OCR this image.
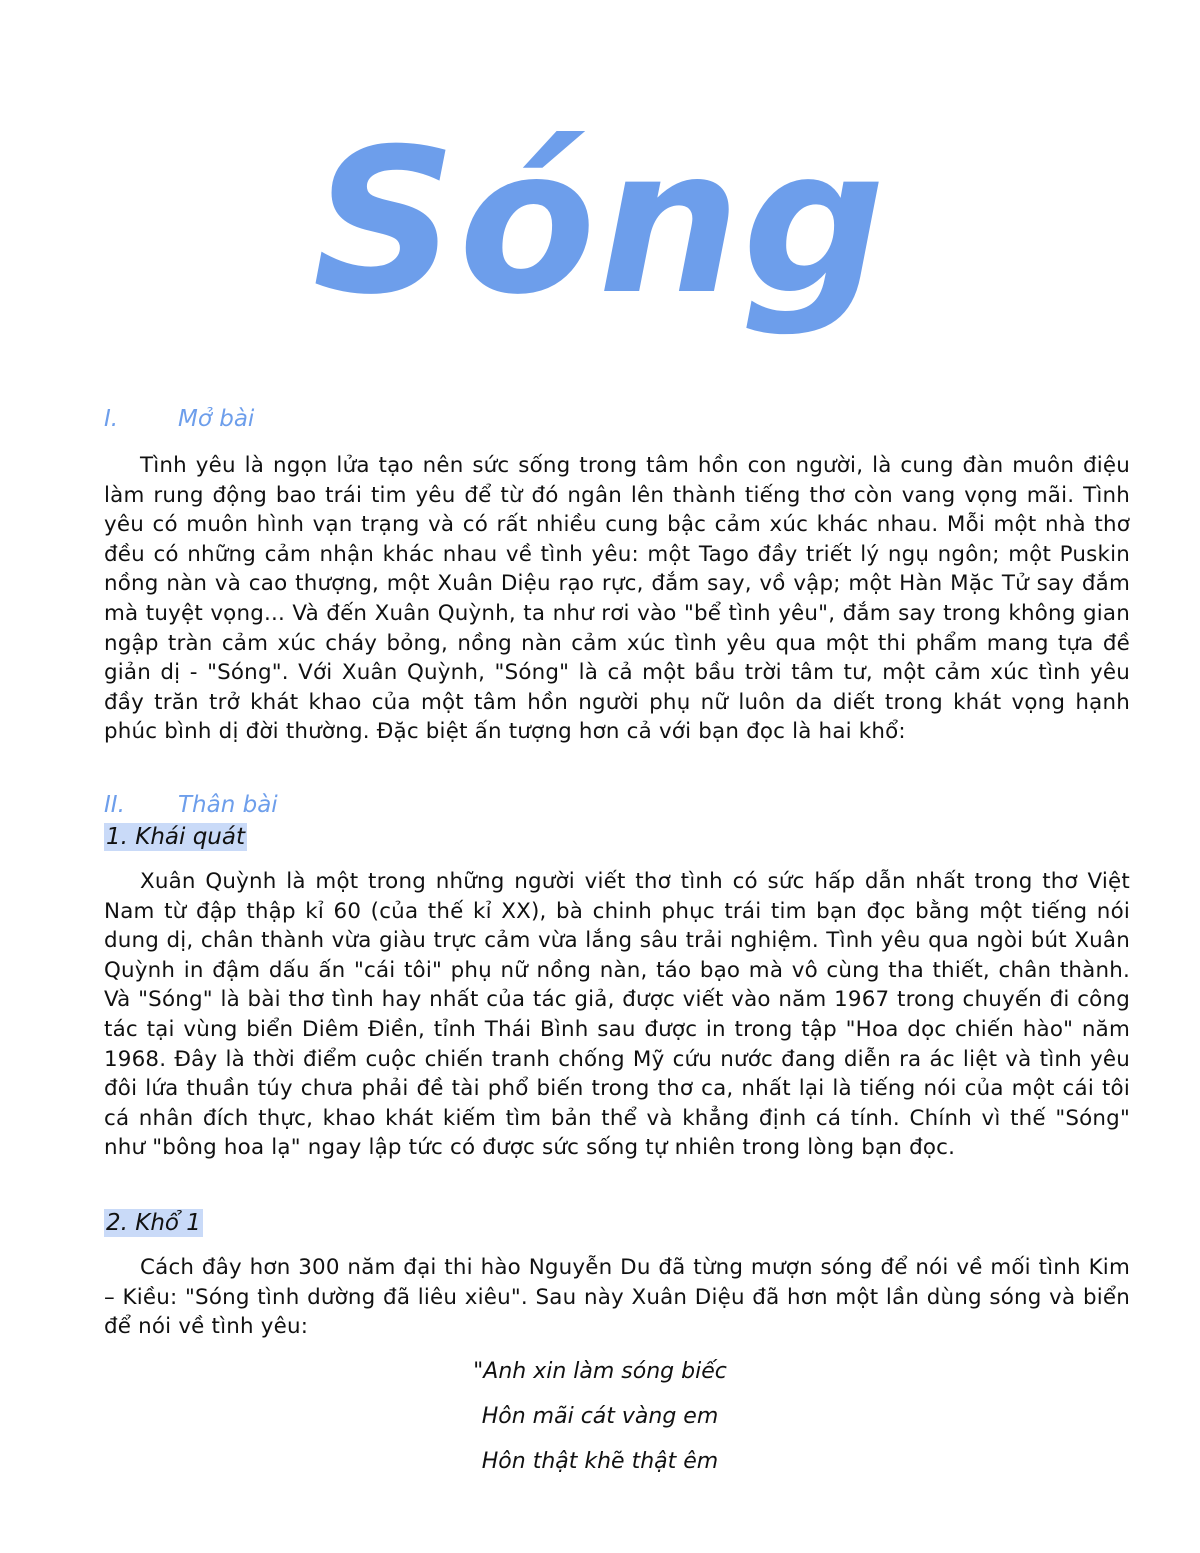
Sóng
I.	Mở bài

Tình yêu là ngọn lửa tạo nên sức sống trong tâm hồn con người, là cung đàn muôn điệu làm rung động bao trái tim yêu để từ đó ngân lên thành tiếng thơ còn vang vọng mãi. Tình yêu có muôn hình vạn trạng và có rất nhiều cung bậc cảm xúc khác nhau. Mỗi một nhà thơ đều có những cảm nhận khác nhau về tình yêu: một Tago đầy triết lý ngụ ngôn; một Puskin nồng nàn và cao thượng, một Xuân Diệu rạo rực, đắm say, vồ vập; một Hàn Mặc Tử say đắm mà tuyệt vọng... Và đến Xuân Quỳnh, ta như rơi vào "bể tình yêu", đắm say trong không gian ngập tràn cảm xúc cháy bỏng, nồng nàn cảm xúc tình yêu qua một thi phẩm mang tựa đề giản dị - "Sóng". Với Xuân Quỳnh, "Sóng" là cả một bầu trời tâm tư, một cảm xúc tình yêu đầy trăn trở khát khao của một tâm hồn người phụ nữ luôn da diết trong khát vọng hạnh phúc bình dị đời thường. Đặc biệt ấn tượng hơn cả với bạn đọc là hai khổ:

II. Thân bài
1. Khái quát

Xuân Quỳnh là một trong những người viết thơ tình có sức hấp dẫn nhất trong thơ Việt Nam từ đập thập kỉ 60 (của thế kỉ XX), bà chinh phục trái tim bạn đọc bằng một tiếng nói dung dị, chân thành vừa giàu trực cảm vừa lắng sâu trải nghiệm. Tình yêu qua ngòi bút Xuân Quỳnh in đậm dấu ấn "cái tôi" phụ nữ nồng nàn, táo bạo mà vô cùng tha thiết, chân thành. Và "Sóng" là bài thơ tình hay nhất của tác giả, được viết vào năm 1967 trong chuyến đi công tác tại vùng biển Diêm Điền, tỉnh Thái Bình sau được in trong tập "Hoa dọc chiến hào" năm 1968. Đây là thời điểm cuộc chiến tranh chống Mỹ cứu nước đang diễn ra ác liệt và tình yêu đôi lứa thuần túy chưa phải đề tài phổ biến trong thơ ca, nhất lại là tiếng nói của một cái tôi cá nhân đích thực, khao khát kiếm tìm bản thể và khẳng định cá tính. Chính vì thế "Sóng" như "bông hoa lạ" ngay lập tức có được sức sống tự nhiên trong lòng bạn đọc.

2. Khổ 1

Cách đây hơn 300 năm đại thi hào Nguyễn Du đã từng mượn sóng để nói về mối tình Kim – Kiều: "Sóng tình dường đã liêu xiêu". Sau này Xuân Diệu đã hơn một lần dùng sóng và biển để nói về tình yêu:

"Anh xin làm sóng biếc
Hôn mãi cát vàng em
Hôn thật khẽ thật êm
